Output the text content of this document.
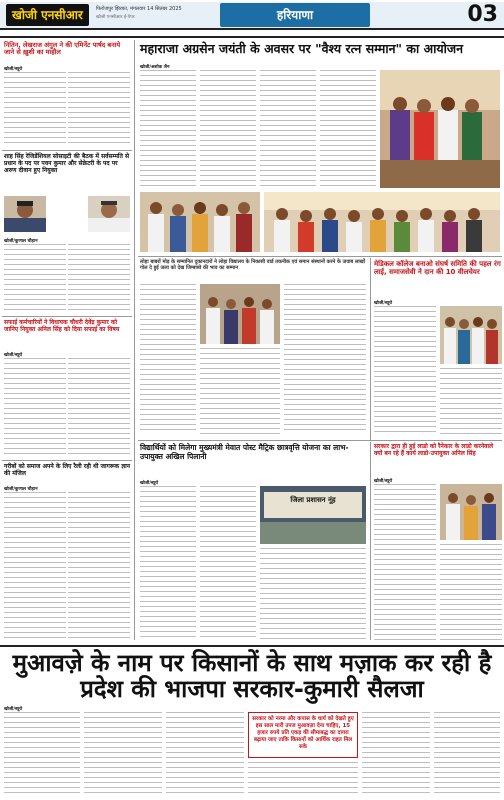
खोजी एनसीआर	फिरोजपुर झिरका, मंगलवार 14 सितंबर 2025
खोजी एनसीआर ई-पेपर	हरियाणा	03
नितिन, लेखराज अंगुल ने की एमिनेंट पार्षद बनाये जाने से ख़ुशी का माहौल
खोजी/ब्यूरो
शाह सिंह रेजिडेंशियल सोसाइटी की बैठक में सर्वसम्मति से प्रधान के पद पर पवन कुमार और सेक्रेटरी के पद पर अरुण दीवान हुए नियुक्त
खोजी/कुणाल चौहान
सफाई कर्मचारियों ने विधायक चौधरी देवेंद्र कुमार को जानिए नियुक्त अनिल सिंह को दिया सफाई का विषय
खोजी/ब्यूरो
गरीबों को समाज अपने के लिए रैली रही थी जागरूक ज्ञान की मंजिल
खोजी/कुणाल चौहान
महाराजा अग्रसेन जयंती के अवसर पर "वैश्य रत्न सम्मान" का आयोजन
खोजी/अशोक जैन
लोहा बाबरों मोड़ के सम्मानित दुकानदारों ने लोहा विद्यालय के निकासी वार्ड तकनीक एवं समान संस्थानों करने के जवाब लाखों गोल दे हुई जला को देख जिम्बाब्वे की भाव का सम्मान	मेडिकल कॉलेज बनाओ संघर्ष समिति की पहल रंग लाई, समाजसेवी ने दान की 10 वीलचेयर
खोजी/ब्यूरो
विद्यार्थियों को मिलेगा मुख्यमंत्री मेवात पोस्ट मैट्रिक छात्रवृत्ति योजना का लाभ-उपायुक्त अखिल पिलानी
खोजी/ब्यूरो
जिला प्रशासन नूंह
सरकार द्वारा ही हुई लाडो को रैनेकार के लाडो करनेवाले क्यों बन रहे हैं कार्य लाडो-उपायुक्त अनिल सिंह
खोजी/ब्यूरो
मुआवज़े के नाम पर किसानों के साथ मज़ाक कर रही है प्रदेश की भाजपा सरकार-कुमारी सैलजा
खोजी/ब्यूरो
सरकार को नरमा और कपास के धार्य को देखते हुए इस साल मारी उपज मुआवज़ा देना चाहिए, 15 हजार रुपये प्रति एकड़ की सीमाबद्ध का दायरा बढ़ाया जाए ताकि किसानों को आर्थिक राहत मिल सके
